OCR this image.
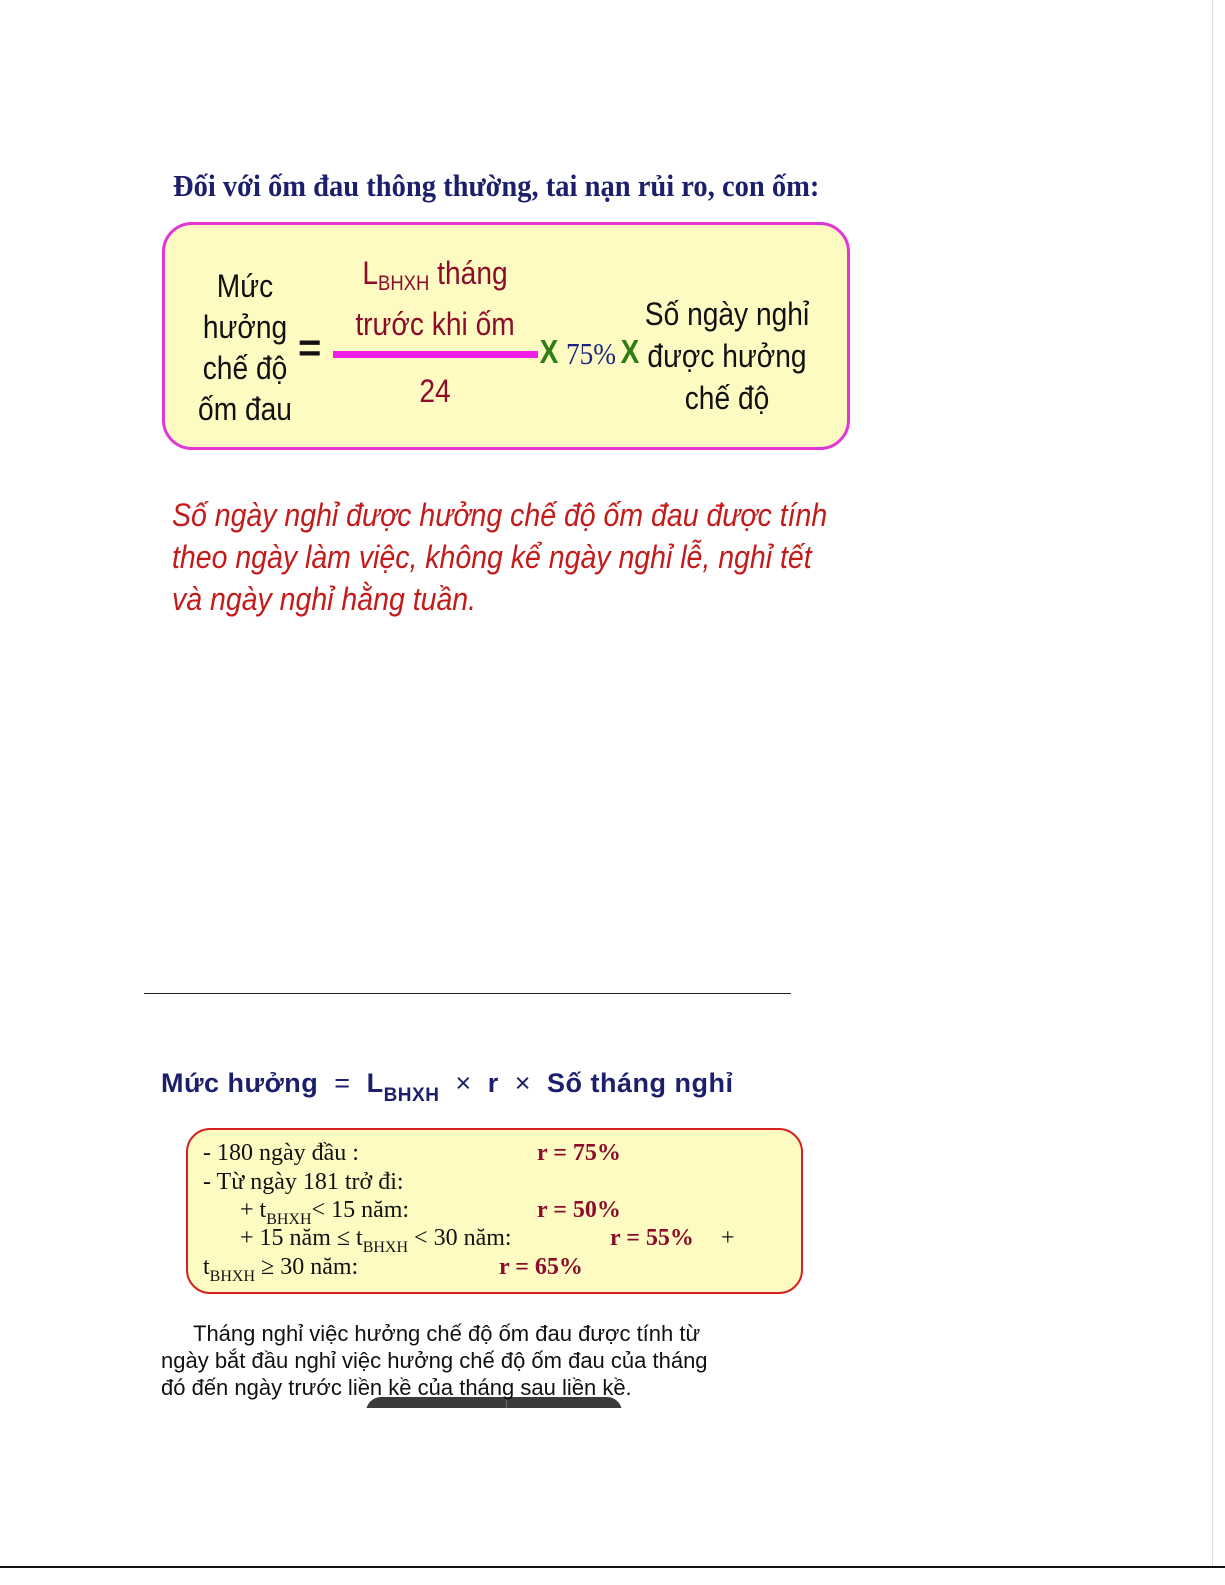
Đối với ốm đau thông thường, tai nạn rủi ro, con ốm:
Mức
hưởng
chế độ
ốm đau
=
$L_{BHXH}$ tháng
trước khi ốm
24
X 75% X
Số ngày nghỉ
được hưởng
chế độ
Số ngày nghỉ được hưởng chế độ ốm đau được tính theo ngày làm việc, không kể ngày nghỉ lễ, nghỉ tết và ngày nghỉ hằng tuần.
Mức hưởng = $L_{BHXH} \times r$ × Số tháng nghỉ
- 180 ngày đầu :	r = 75%
- Từ ngày 181 trở đi:
+ $t_{BHXH}< 15$ năm:	r = 50%
+ 15 năm ≤ $t_{BHXH} < 30$ năm:	r = 55% +
$t_{BHXH} \ge 30$ năm:	r = 65%
Tháng nghỉ việc hưởng chế độ ốm đau được tính từ
ngày bắt đầu nghỉ việc hưởng chế độ ốm đau của tháng
đó đến ngày trước liền kề của tháng sau liền kề.
